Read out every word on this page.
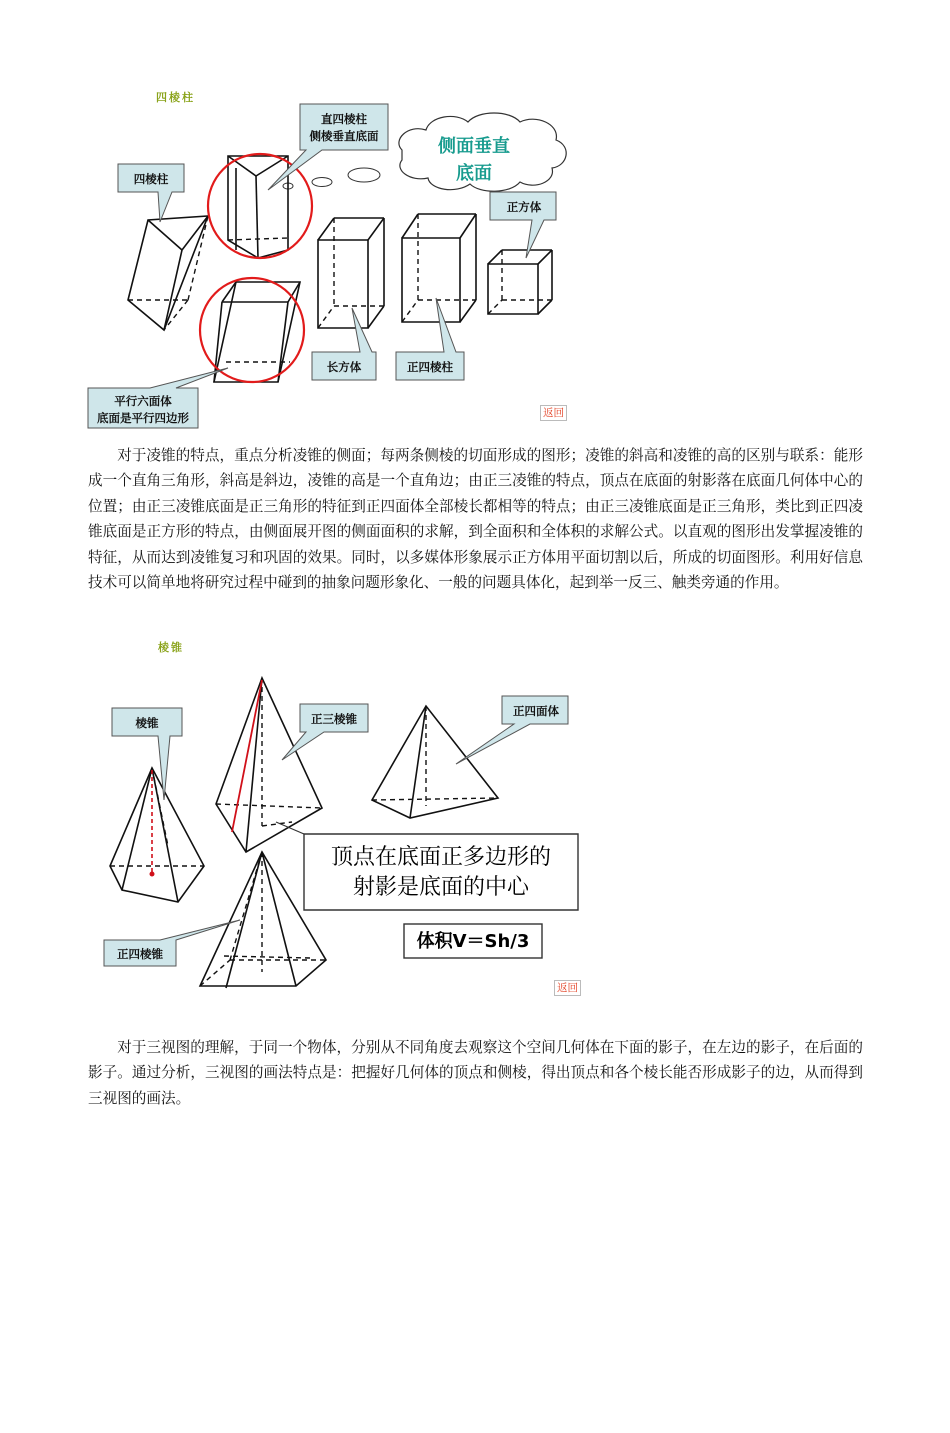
四棱柱
侧面垂直
底面
直四棱柱
侧棱垂直底面
四棱柱
正方体
长方体	正四棱柱
平行六面体
底面是平行四边形	返回

对于凌锥的特点，重点分析凌锥的侧面；每两条侧棱的切面形成的图形；凌锥的斜高和凌锥的高的区别与联系：能形成一个直角三角形，斜高是斜边，凌锥的高是一个直角边；由正三凌锥的特点，顶点在底面的射影落在底面几何体中心的位置；由正三凌锥底面是正三角形的特征到正四面体全部棱长都相等的特点；由正三凌锥底面是正三角形，类比到正四凌锥底面是正方形的特点，由侧面展开图的侧面面积的求解，到全面积和全体积的求解公式。以直观的图形出发掌握凌锥的特征，从而达到凌锥复习和巩固的效果。同时，以多媒体形象展示正方体用平面切割以后，所成的切面图形。利用好信息技术可以简单地将研究过程中碰到的抽象问题形象化、一般的问题具体化，起到举一反三、触类旁通的作用。

棱锥
顶点在底面正多边形的
射影是底面的中心
体积V＝Sh/3
棱锥	正三棱锥
正四面体
正四棱锥
返回

对于三视图的理解，于同一个物体，分别从不同角度去观察这个空间几何体在下面的影子，在左边的影子，在后面的影子。通过分析，三视图的画法特点是：把握好几何体的顶点和侧棱，得出顶点和各个棱长能否形成影子的边，从而得到三视图的画法。
